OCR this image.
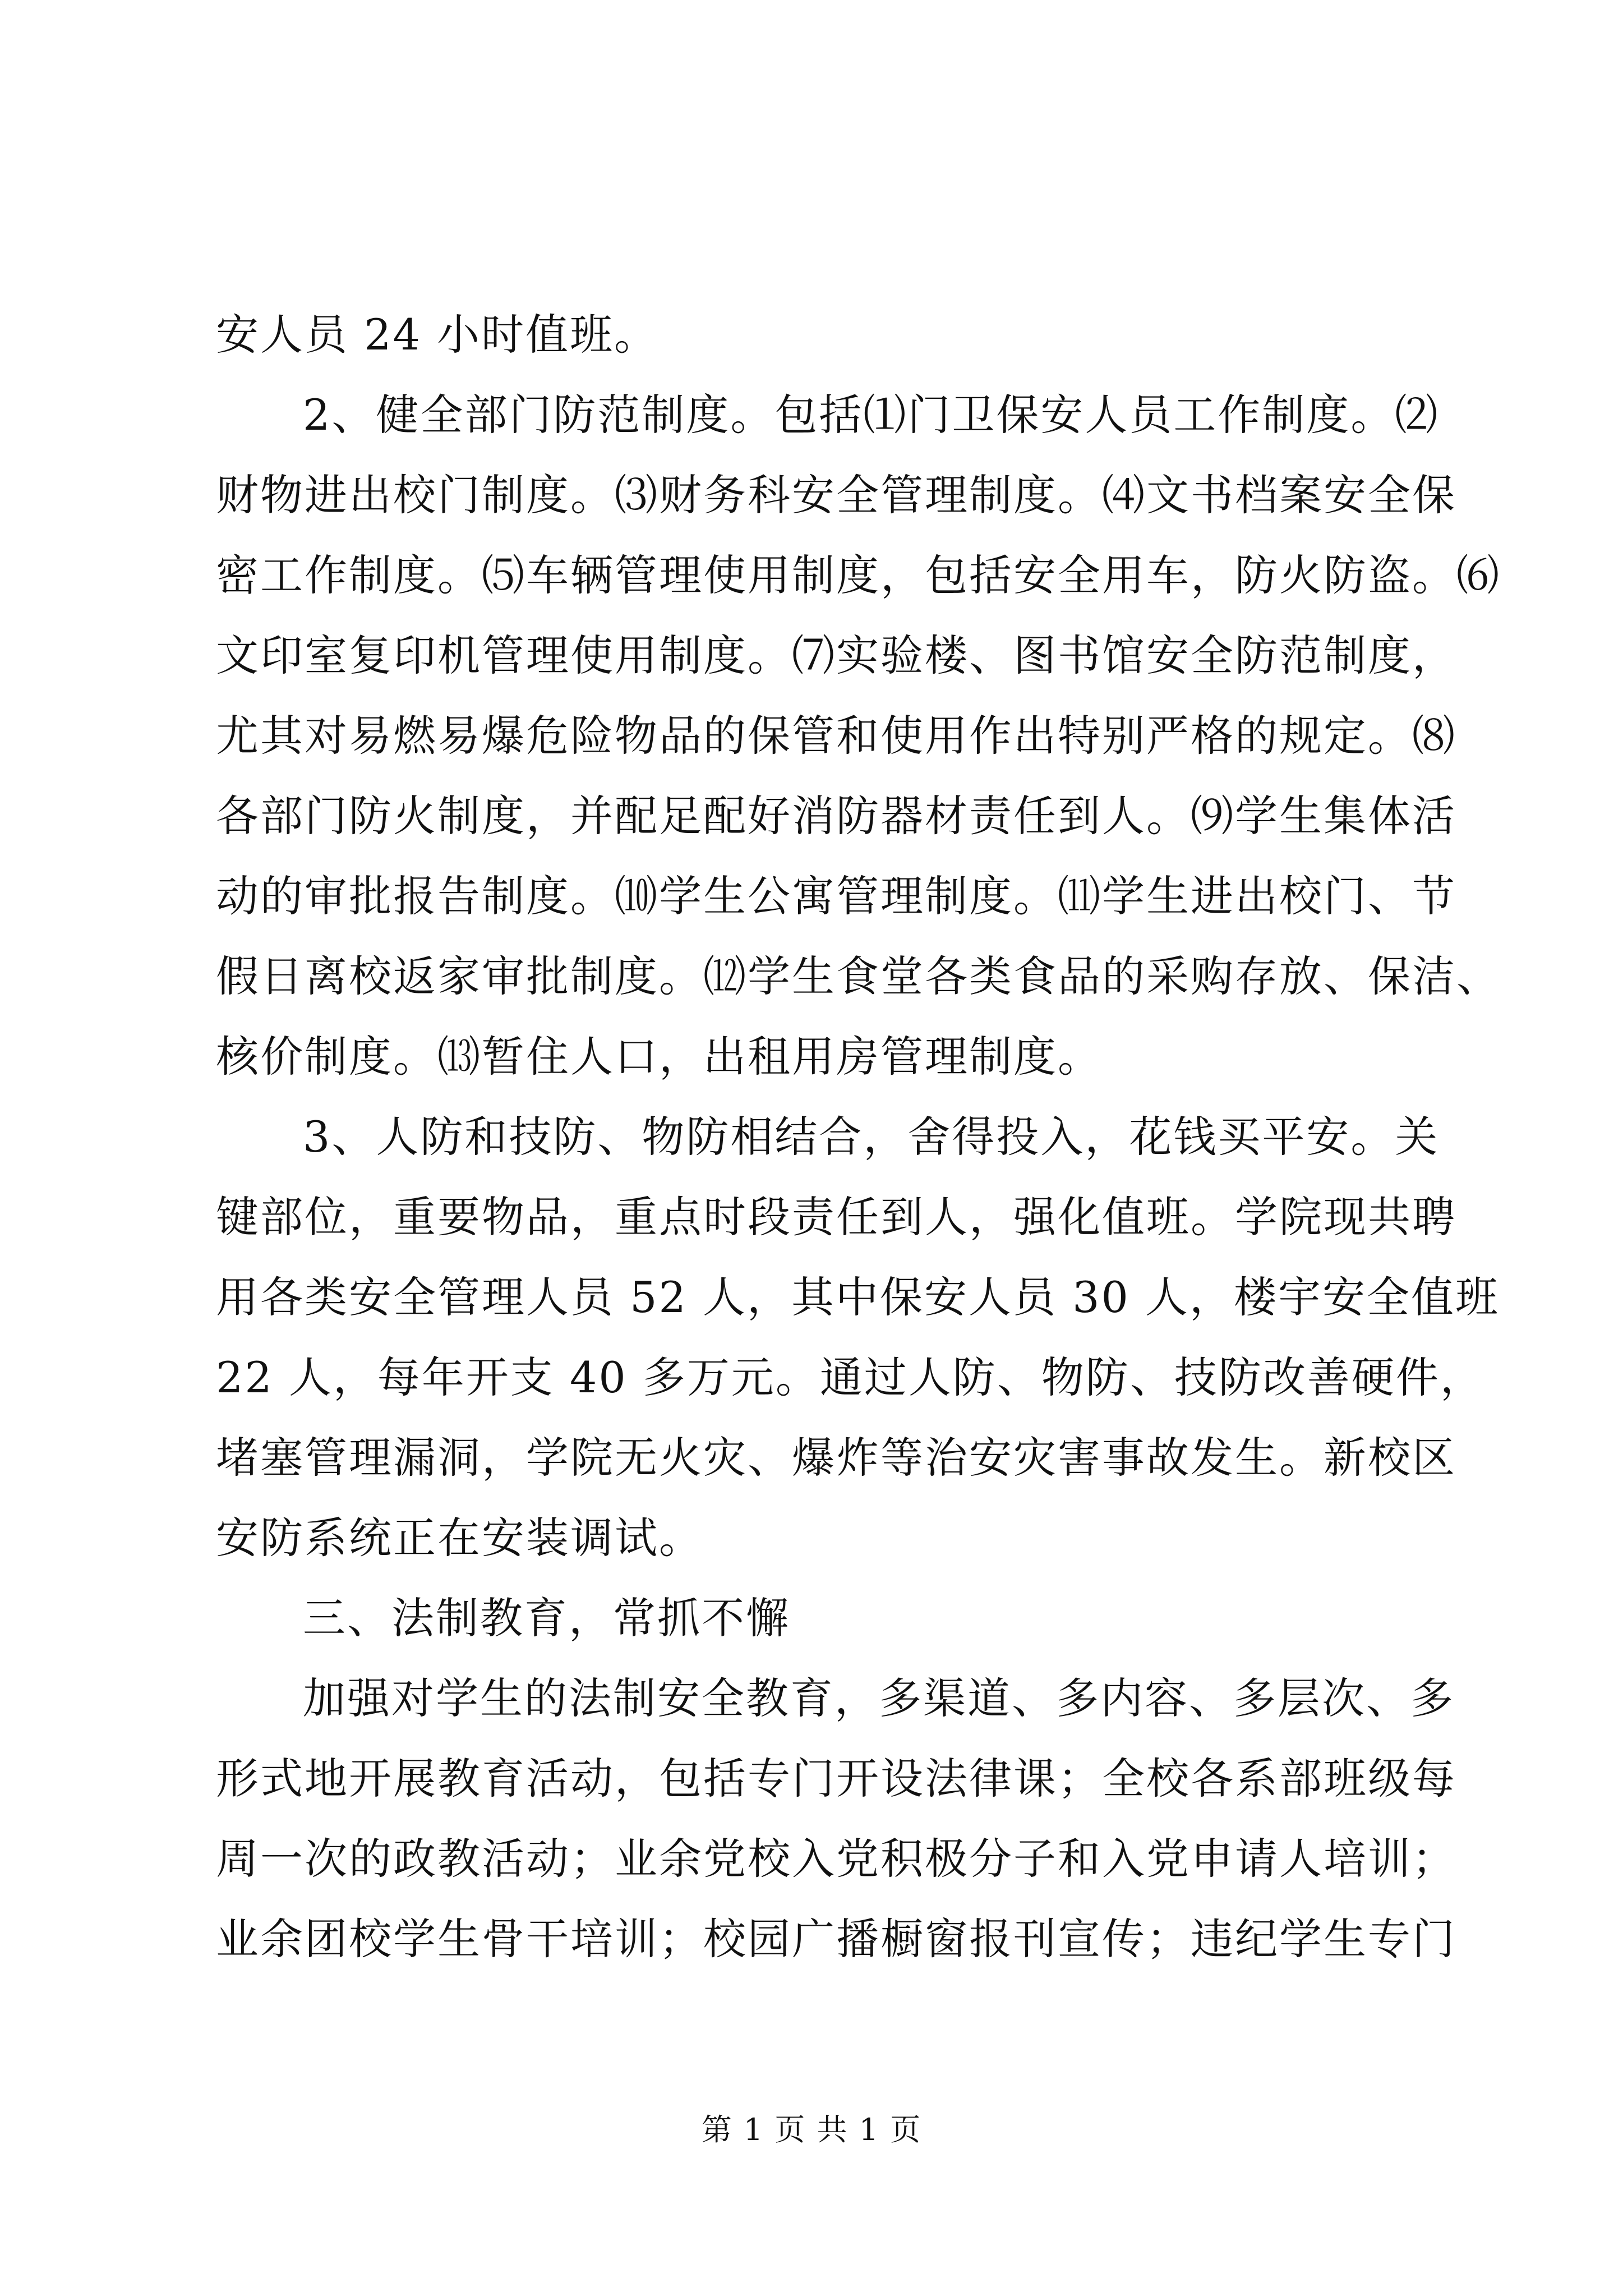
安人员 24 小时值班。
2、健全部门防范制度。包括⑴门卫保安人员工作制度。⑵
财物进出校门制度。⑶财务科安全管理制度。⑷文书档案安全保
密工作制度。⑸车辆管理使用制度，包括安全用车，防火防盗。⑹
文印室复印机管理使用制度。⑺实验楼、图书馆安全防范制度，
尤其对易燃易爆危险物品的保管和使用作出特别严格的规定。⑻
各部门防火制度，并配足配好消防器材责任到人。⑼学生集体活
动的审批报告制度。⑽学生公寓管理制度。⑾学生进出校门、节
假日离校返家审批制度。⑿学生食堂各类食品的采购存放、保洁、
核价制度。⒀暂住人口，出租用房管理制度。
3、人防和技防、物防相结合，舍得投入，花钱买平安。关
键部位，重要物品，重点时段责任到人，强化值班。学院现共聘
用各类安全管理人员 52 人，其中保安人员 30 人，楼宇安全值班
22 人，每年开支 40 多万元。通过人防、物防、技防改善硬件，
堵塞管理漏洞，学院无火灾、爆炸等治安灾害事故发生。新校区
安防系统正在安装调试。
三、法制教育，常抓不懈
加强对学生的法制安全教育，多渠道、多内容、多层次、多
形式地开展教育活动，包括专门开设法律课；全校各系部班级每
周一次的政教活动；业余党校入党积极分子和入党申请人培训；
业余团校学生骨干培训；校园广播橱窗报刊宣传；违纪学生专门
第 1 页 共 1 页
